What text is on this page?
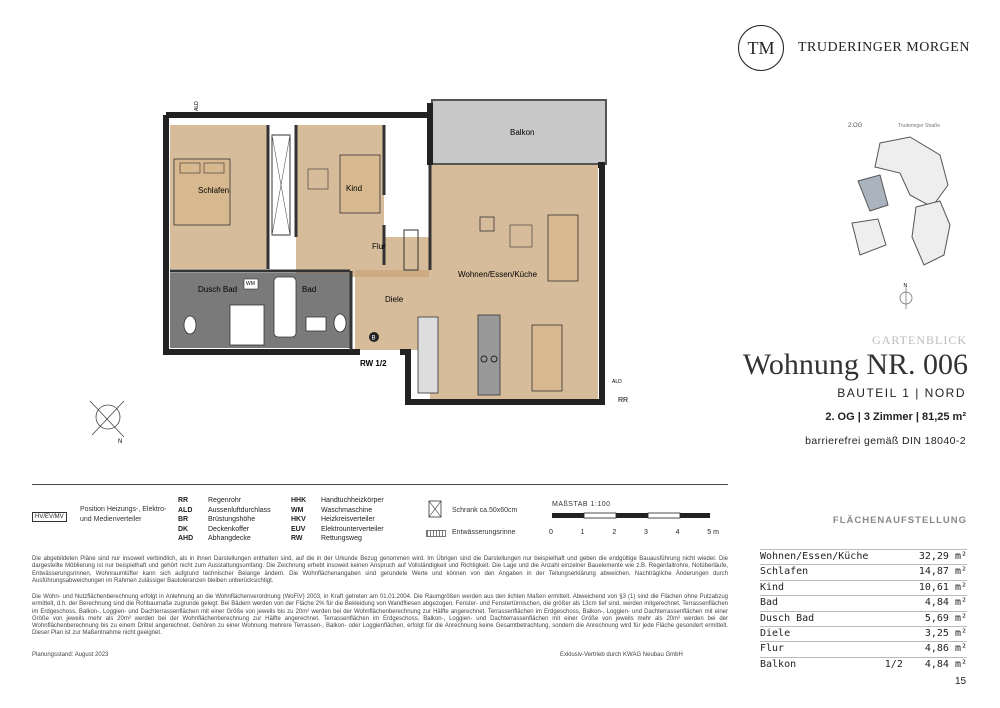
TM	TRUDERINGER MORGEN
Schlafen	Kind
Balkon
Flur
Wohnen/Essen/Küche
Dusch Bad	Bad
Diele
WM
ALD
B
RW 1/2
ALD
RR
2.OG	Truderinger Straße
N
N
GARTENBLICK
Wohnung NR. 006
BAUTEIL 1 | NORD
2. OG | 3 Zimmer | 81,25 m²
barrierefrei gemäß DIN 18040-2
HV/EV/MV
Position Heizungs-, Elektro- und Medienverteiler
RR	Regenrohr
ALD	Aussenluftdurchlass
BR	Brüstungshöhe
DK	Deckenkoffer
AHD	Abhangdecke
HHK	Handtuchheizkörper
WM	Waschmaschine
HKV	Heizkreisverteiler
EUV	Elektrounterverteiler
RW	Rettungsweg
Schrank ca.50x60cm
Entwässerungsrinne
MAßSTAB 1:100
0	1	2	3	4	5 m
Die abgebildeten Pläne sind nur insoweit verbindlich, als in ihnen Darstellungen enthalten sind, auf die in der Urkunde Bezug genommen wird. Im Übrigen sind die Darstellungen nur beispielhaft und geben die endgültige Bauausführung nicht wieder. Die dargestellte Möblierung ist nur beispielhaft und gehört nicht zum Ausstattungsumfang. Die Zeichnung erhebt insoweit keinen Anspruch auf Vollständigkeit und Richtigkeit. Die Lage und die Anzahl einzelner Bauelemente wie z.B. Regenfallrohre, Notüberläufe, Entwässerungsrinnen, Wohnraumlüfter kann sich aufgrund technischer Belange ändern. Die Wohnflächenangaben sind gerundete Werte und können von den Angaben in der Teilungserklärung abweichen. Nachträgliche Änderungen durch Ausführungsabweichungen im Rahmen zulässiger Bautoleranzen bleiben unberücksichtigt.
Die Wohn- und Nutzflächenberechnung erfolgt in Anlehnung an die Wohnflächenverordnung (WoFlV) 2003, in Kraft getreten am 01.01.2004. Die Raumgrößen werden aus den lichten Maßen ermittelt. Abweichend von §3 (1) sind die Flächen ohne Putzabzug ermittelt, d.h. der Berechnung sind die Rohbaumaße zugrunde gelegt. Bei Bädern werden von der Fläche 2% für die Bekleidung von Wandfliesen abgezogen. Fenster- und Fenstertürnischen, die größer als 13cm tief sind, werden mitgerechnet. Terrassenflächen im Erdgeschoss, Balkon-, Loggien- und Dachterrassenflächen mit einer Größe von jeweils bis zu 20m² werden bei der Wohnflächenberechnung zur Hälfte angerechnet. Terrassenflächen im Erdgeschoss, Balkon-, Loggien- und Dachterrassenflächen mit einer Größe von jeweils mehr als 20m² werden bei der Wohnflächenberechnung zur Hälfte angerechnet. Terrassenflächen im Erdgeschoss, Balkon-, Loggien- und Dachterrassenflächen mit einer Größe von jeweils mehr als 20m² werden bei der Wohnflächenberechnung bis zu einem Drittel angerechnet. Gehören zu einer Wohnung mehrere Terrassen-, Balkon- oder Loggienflächen, erfolgt für die Anrechnung keine Gesamtbetrachtung, sondern die Anrechnung wird für jede Fläche gesondert ermittelt. Dieser Plan ist zur Maßentnahme nicht geeignet.
Planungsstand: August 2023	Exklusiv-Vertrieb durch KWAG Neubau GmbH
FLÄCHENAUFSTELLUNG
Wohnen/Essen/Küche	32,29 m²
Schlafen	14,87 m²
Kind	10,61 m²
Bad	4,84 m²
Dusch Bad	5,69 m²
Diele	3,25 m²
Flur	4,86 m²
Balkon	1/2 4,84 m²
15
